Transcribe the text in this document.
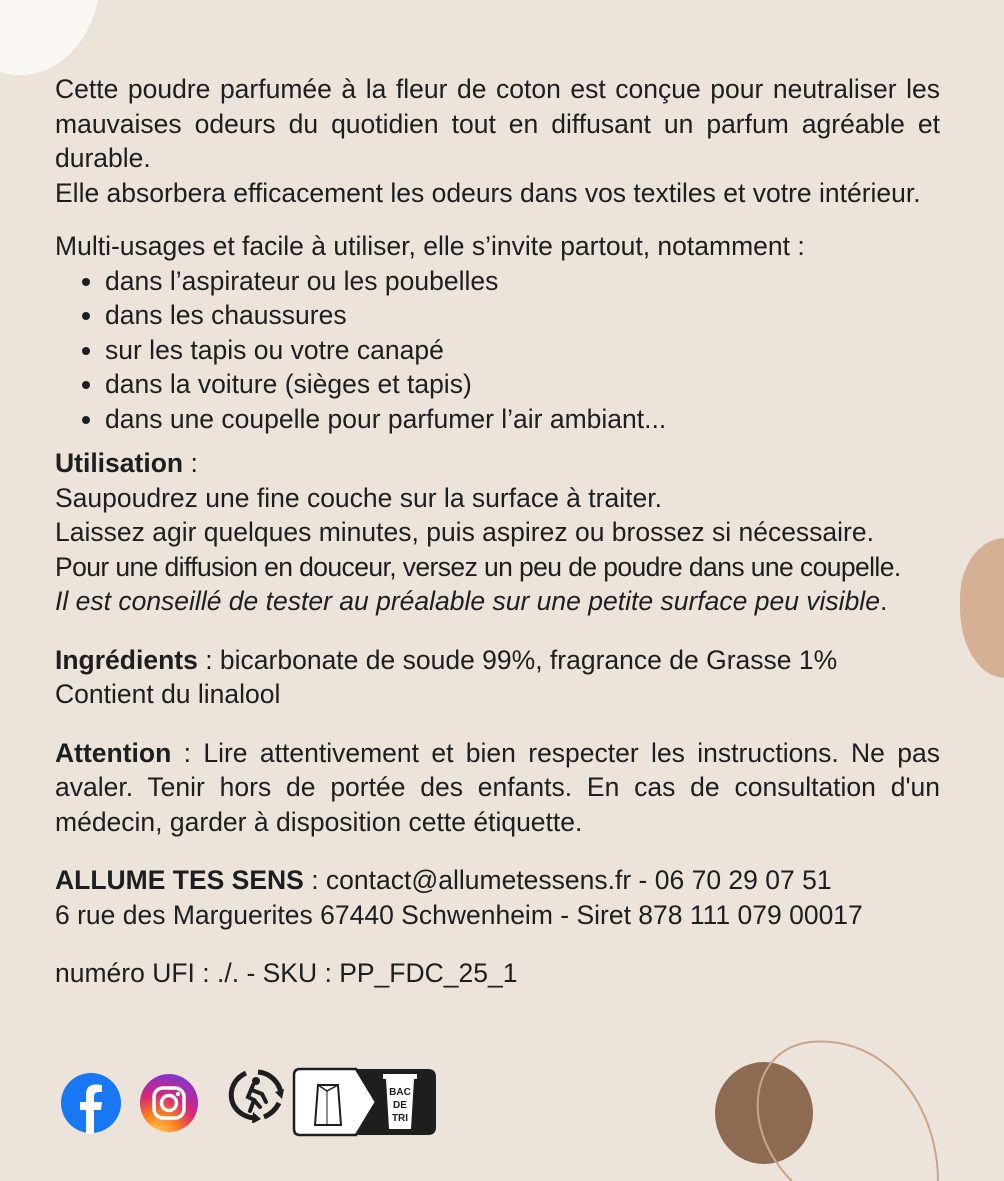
Cette poudre parfumée à la fleur de coton est conçue pour neutraliser les mauvaises odeurs du quotidien tout en diffusant un parfum agréable et durable.

Elle absorbera efficacement les odeurs dans vos textiles et votre intérieur.

Multi-usages et facile à utiliser, elle s’invite partout, notamment :

• dans l’aspirateur ou les poubelles
• dans les chaussures
• sur les tapis ou votre canapé
• dans la voiture (sièges et tapis)
• dans une coupelle pour parfumer l’air ambiant...

Utilisation :

Saupoudrez une fine couche sur la surface à traiter.

Laissez agir quelques minutes, puis aspirez ou brossez si nécessaire.

Pour une diffusion en douceur, versez un peu de poudre dans une coupelle.

Il est conseillé de tester au préalable sur une petite surface peu visible.

Ingrédients : bicarbonate de soude 99%, fragrance de Grasse 1%

Contient du linalool

Attention : Lire attentivement et bien respecter les instructions. Ne pas avaler. Tenir hors de portée des enfants. En cas de consultation d'un médecin, garder à disposition cette étiquette.

ALLUME TES SENS : contact@allumetessens.fr - 06 70 29 07 51

6 rue des Marguerites 67440 Schwenheim - Siret 878 111 079 00017

numéro UFI : ./. - SKU : PP_FDC_25_1

BAC
DE
TRI
